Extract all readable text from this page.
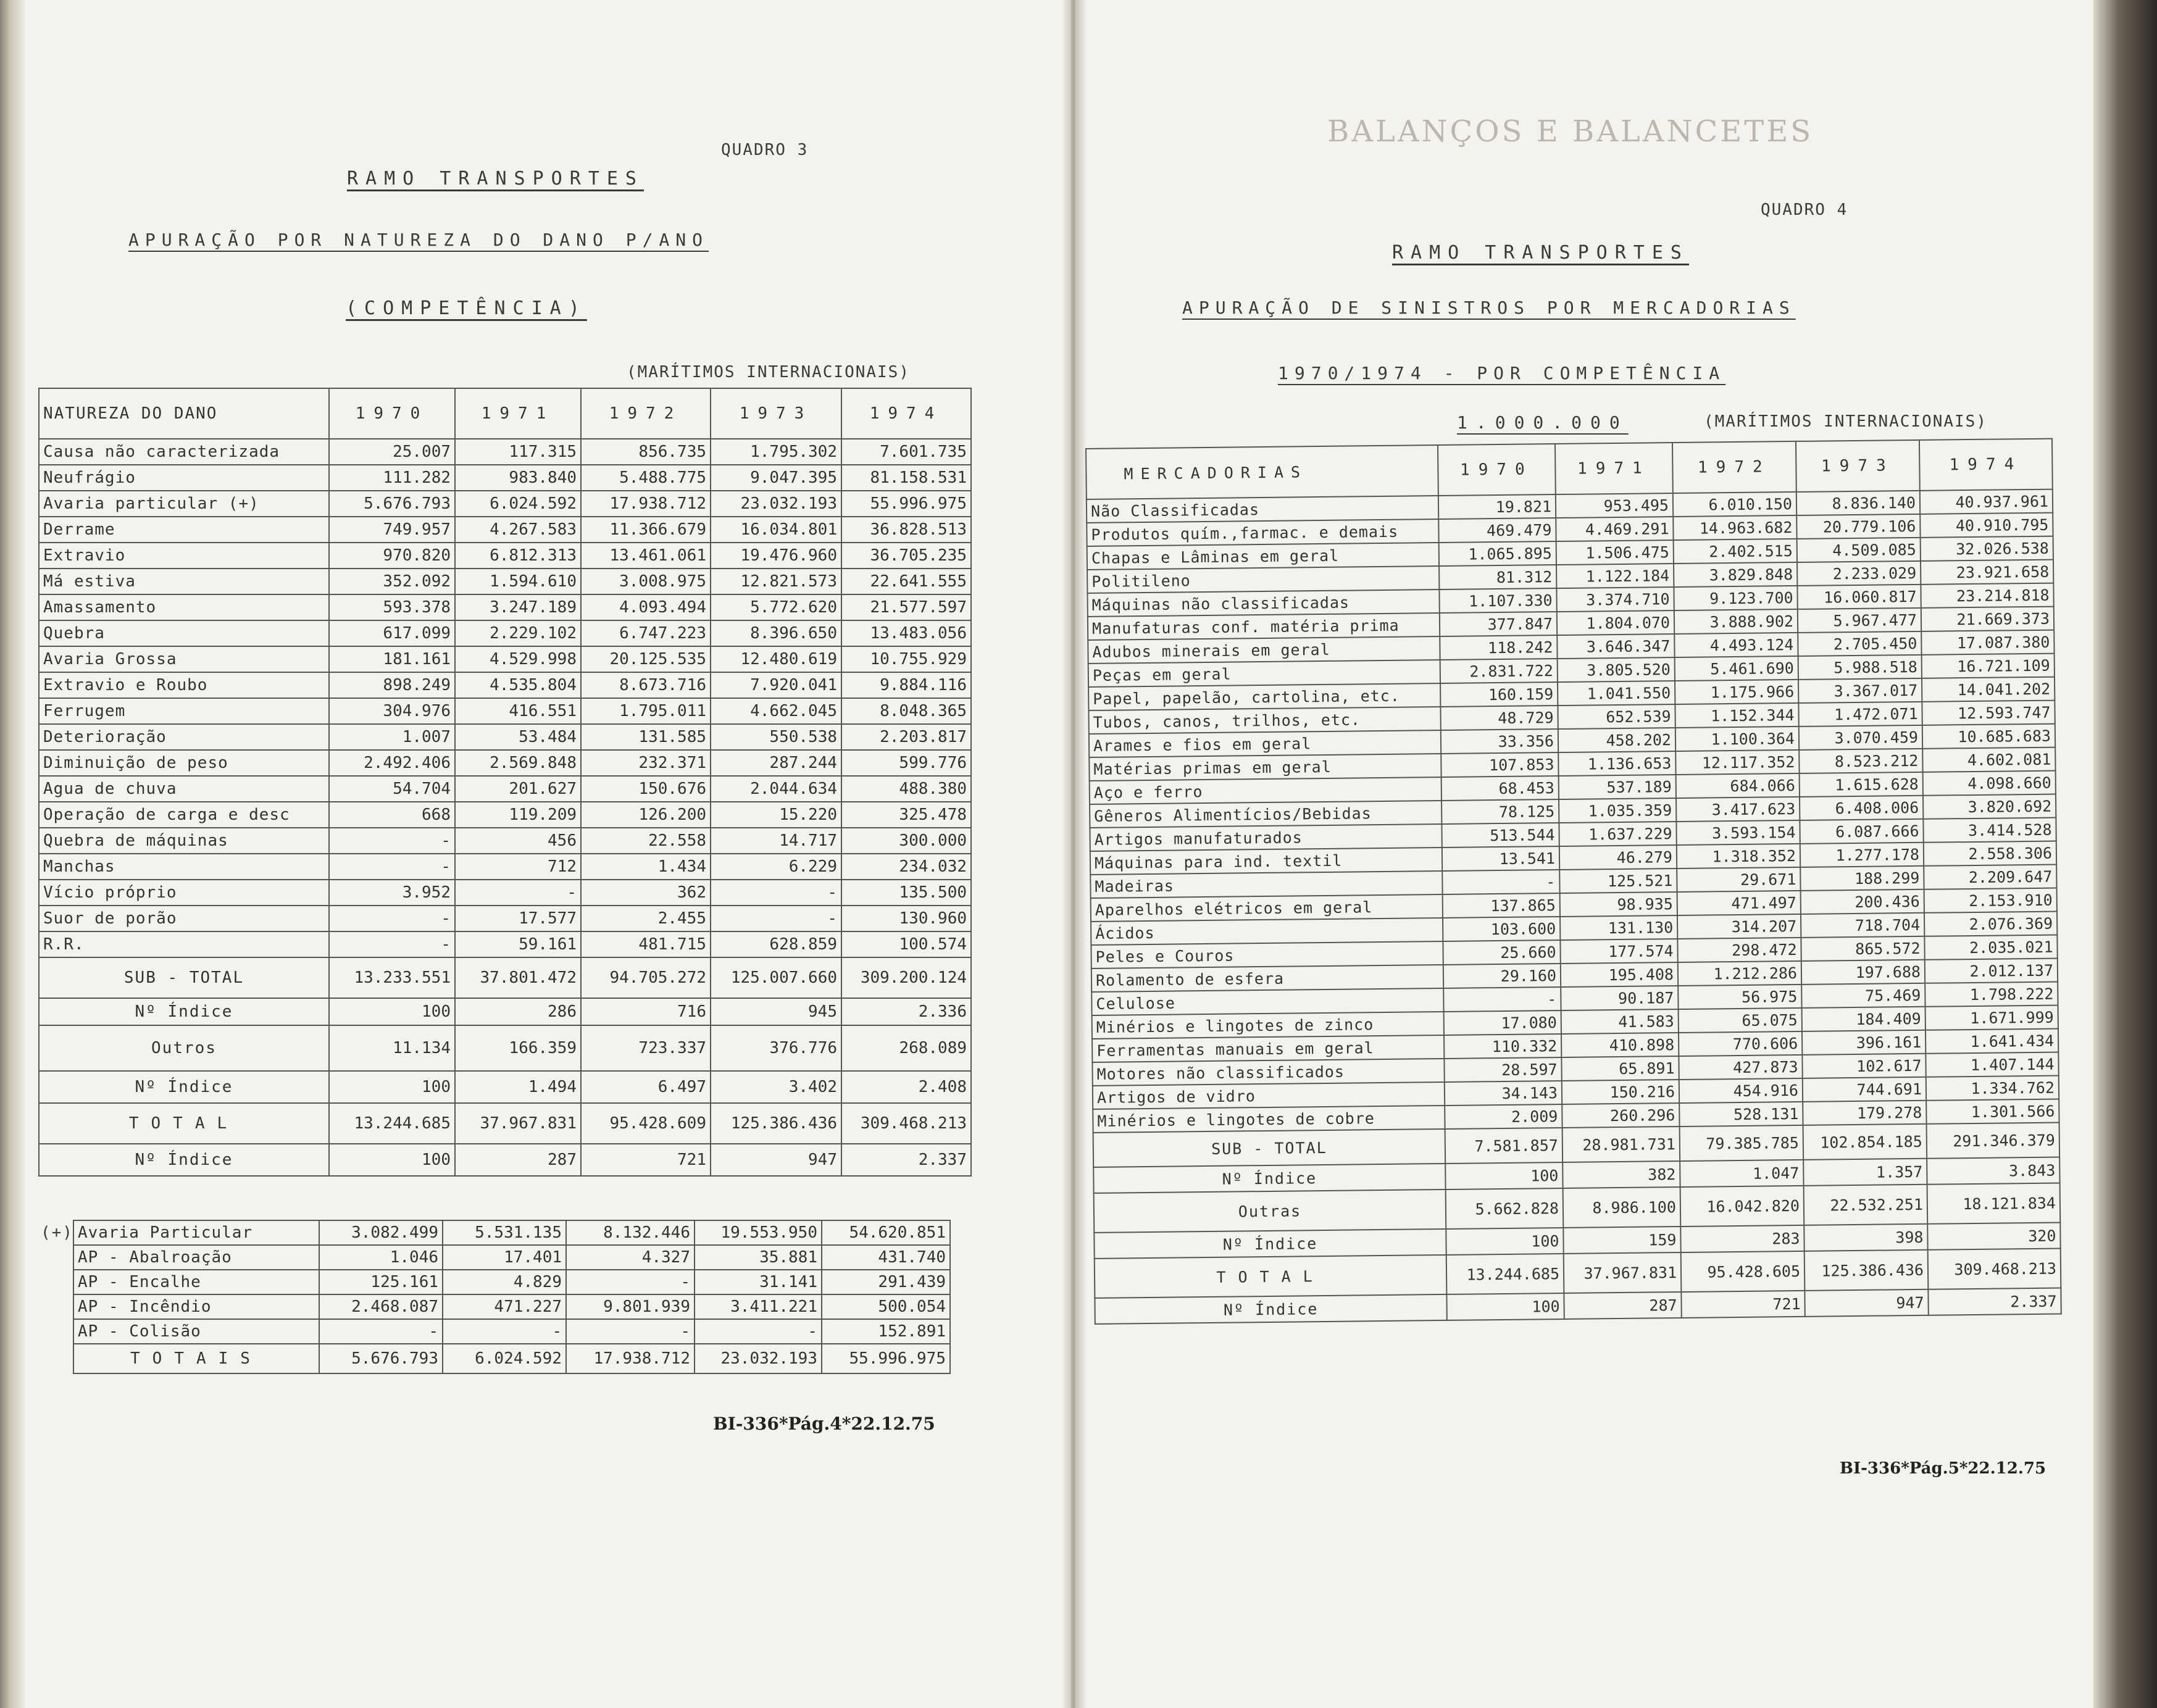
QUADRO 3
RAMO TRANSPORTES
APURAÇÃO POR NATUREZA DO DANO P/ANO
(COMPETÊNCIA)
(MARÍTIMOS INTERNACIONAIS)
NATUREZA DO DANO	1970	1971	1972	1973	1974
Causa não caracterizada	25.007	117.315	856.735	1.795.302	7.601.735
Neufrágio	111.282	983.840	5.488.775	9.047.395	81.158.531
Avaria particular (+)	5.676.793	6.024.592	17.938.712	23.032.193	55.996.975
Derrame	749.957	4.267.583	11.366.679	16.034.801	36.828.513
Extravio	970.820	6.812.313	13.461.061	19.476.960	36.705.235
Má estiva	352.092	1.594.610	3.008.975	12.821.573	22.641.555
Amassamento	593.378	3.247.189	4.093.494	5.772.620	21.577.597
Quebra	617.099	2.229.102	6.747.223	8.396.650	13.483.056
Avaria Grossa	181.161	4.529.998	20.125.535	12.480.619	10.755.929
Extravio e Roubo	898.249	4.535.804	8.673.716	7.920.041	9.884.116
Ferrugem	304.976	416.551	1.795.011	4.662.045	8.048.365
Deterioração	1.007	53.484	131.585	550.538	2.203.817
Diminuição de peso	2.492.406	2.569.848	232.371	287.244	599.776
Agua de chuva	54.704	201.627	150.676	2.044.634	488.380
Operação de carga e desc	668	119.209	126.200	15.220	325.478
Quebra de máquinas	-	456	22.558	14.717	300.000
Manchas	-	712	1.434	6.229	234.032
Vício próprio	3.952	-	362	-	135.500
Suor de porão	-	17.577	2.455	-	130.960
R.R.	-	59.161	481.715	628.859	100.574
SUB - TOTAL	13.233.551	37.801.472	94.705.272	125.007.660	309.200.124
Nº Índice	100	286	716	945	2.336
Outros	11.134	166.359	723.337	376.776	268.089
Nº Índice	100	1.494	6.497	3.402	2.408
TOTAL	13.244.685	37.967.831	95.428.609	125.386.436	309.468.213
Nº Índice	100	287	721	947	2.337
(+) Avaria Particular	3.082.499	5.531.135	8.132.446	19.553.950	54.620.851
AP - Abalroação	1.046	17.401	4.327	35.881	431.740
AP - Encalhe	125.161	4.829	-	31.141	291.439
AP - Incêndio	2.468.087	471.227	9.801.939	3.411.221	500.054
AP - Colisão	-	-	-	-	152.891
TOTAIS	5.676.793	6.024.592	17.938.712	23.032.193	55.996.975
BI-336*Pág.4*22.12.75
BALANÇOS E BALANCETES
QUADRO 4
RAMO TRANSPORTES
APURAÇÃO DE SINISTROS POR MERCADORIAS
1970/1974 - POR COMPETÊNCIA
1.000.000	(MARÍTIMOS INTERNACIONAIS)
MERCADORIAS	1970	1971	1972	1973	1974
Não Classificadas	19.821	953.495	6.010.150	8.836.140	40.937.961
Produtos quím.,farmac. e demais	469.479	4.469.291	14.963.682	20.779.106	40.910.795
Chapas e Lâminas em geral	1.065.895	1.506.475	2.402.515	4.509.085	32.026.538
Politileno	81.312	1.122.184	3.829.848	2.233.029	23.921.658
Máquinas não classificadas	1.107.330	3.374.710	9.123.700	16.060.817	23.214.818
Manufaturas conf. matéria prima	377.847	1.804.070	3.888.902	5.967.477	21.669.373
Adubos minerais em geral	118.242	3.646.347	4.493.124	2.705.450	17.087.380
Peças em geral	2.831.722	3.805.520	5.461.690	5.988.518	16.721.109
Papel, papelão, cartolina, etc.	160.159	1.041.550	1.175.966	3.367.017	14.041.202
Tubos, canos, trilhos, etc.	48.729	652.539	1.152.344	1.472.071	12.593.747
Arames e fios em geral	33.356	458.202	1.100.364	3.070.459	10.685.683
Matérias primas em geral	107.853	1.136.653	12.117.352	8.523.212	4.602.081
Aço e ferro	68.453	537.189	684.066	1.615.628	4.098.660
Gêneros Alimentícios/Bebidas	78.125	1.035.359	3.417.623	6.408.006	3.820.692
Artigos manufaturados	513.544	1.637.229	3.593.154	6.087.666	3.414.528
Máquinas para ind. textil	13.541	46.279	1.318.352	1.277.178	2.558.306
Madeiras	-	125.521	29.671	188.299	2.209.647
Aparelhos elétricos em geral	137.865	98.935	471.497	200.436	2.153.910
Ácidos	103.600	131.130	314.207	718.704	2.076.369
Peles e Couros	25.660	177.574	298.472	865.572	2.035.021
Rolamento de esfera	29.160	195.408	1.212.286	197.688	2.012.137
Celulose	-	90.187	56.975	75.469	1.798.222
Minérios e lingotes de zinco	17.080	41.583	65.075	184.409	1.671.999
Ferramentas manuais em geral	110.332	410.898	770.606	396.161	1.641.434
Motores não classificados	28.597	65.891	427.873	102.617	1.407.144
Artigos de vidro	34.143	150.216	454.916	744.691	1.334.762
Minérios e lingotes de cobre	2.009	260.296	528.131	179.278	1.301.566
SUB - TOTAL	7.581.857	28.981.731	79.385.785	102.854.185	291.346.379
Nº Índice	100	382	1.047	1.357	3.843
Outras	5.662.828	8.986.100	16.042.820	22.532.251	18.121.834
Nº Índice	100	159	283	398	320
TOTAL	13.244.685	37.967.831	95.428.605	125.386.436	309.468.213
Nº Índice	100	287	721	947	2.337
BI-336*Pág.5*22.12.75
